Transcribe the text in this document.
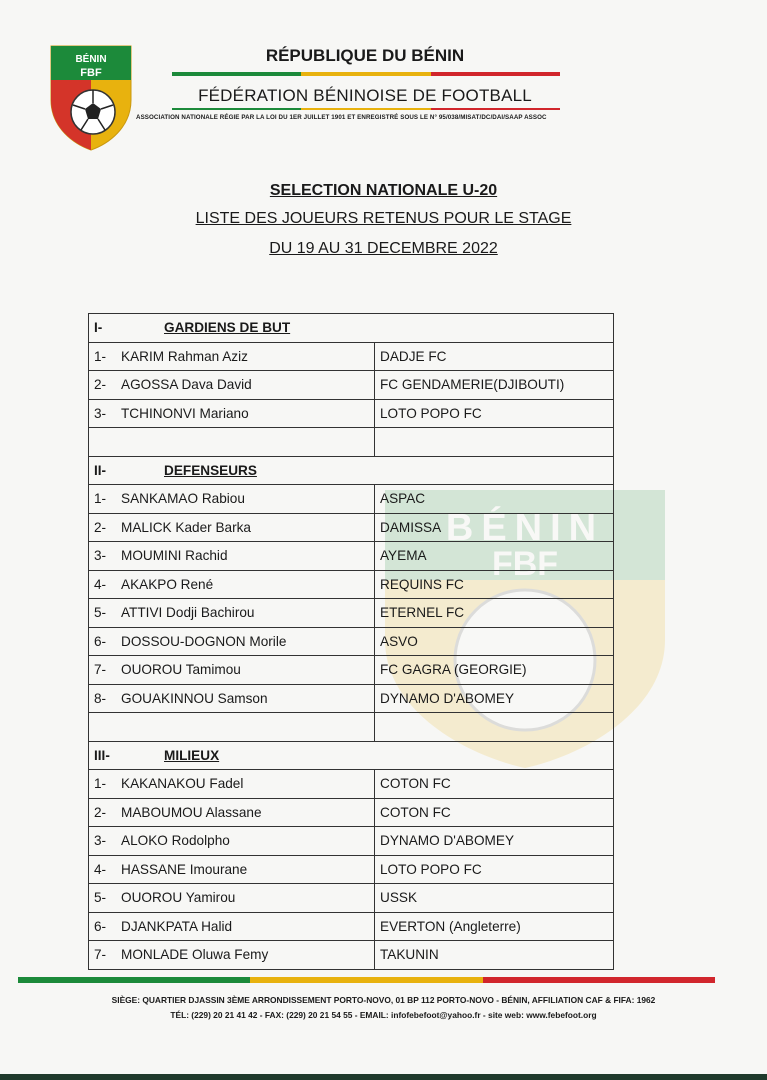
BÉNIN
FBF
RÉPUBLIQUE DU BÉNIN
FÉDÉRATION BÉNINOISE DE FOOTBALL
ASSOCIATION NATIONALE RÉGIE PAR LA LOI DU 1ER JUILLET 1901 ET ENREGISTRÉ SOUS LE N° 95/038/MISAT/DC/DAI/SAAP ASSOC
SELECTION NATIONALE U-20
LISTE DES JOUEURS RETENUS POUR LE STAGE
DU 19 AU 31 DECEMBRE 2022
BÉNIN
FBF
I- GARDIENS DE BUT	
1- KARIM Rahman Aziz	DADJE FC
2- AGOSSA Dava David	FC GENDAMERIE(DJIBOUTI)
3- TCHINONVI Mariano	LOTO POPO FC

II- DEFENSEURS	
1- SANKAMAO Rabiou	ASPAC
2- MALICK Kader Barka	DAMISSA
3- MOUMINI Rachid	AYEMA
4- AKAKPO René	REQUINS FC
5- ATTIVI Dodji Bachirou	ETERNEL FC
6- DOSSOU-DOGNON Morile	ASVO
7- OUOROU Tamimou	FC GAGRA (GEORGIE)
8- GOUAKINNOU Samson	DYNAMO D'ABOMEY

III- MILIEUX	
1- KAKANAKOU Fadel	COTON FC
2- MABOUMOU Alassane	COTON FC
3- ALOKO Rodolpho	DYNAMO D'ABOMEY
4- HASSANE Imourane	LOTO POPO FC
5- OUOROU Yamirou	USSK
6- DJANKPATA Halid	EVERTON (Angleterre)
7- MONLADE Oluwa Femy	TAKUNIN
SIÈGE: QUARTIER DJASSIN 3ÈME ARRONDISSEMENT PORTO-NOVO, 01 BP 112 PORTO-NOVO - BÉNIN, AFFILIATION CAF & FIFA: 1962
TÉL: (229) 20 21 41 42 - FAX: (229) 20 21 54 55 - EMAIL: infofebefoot@yahoo.fr - site web: www.febefoot.org
